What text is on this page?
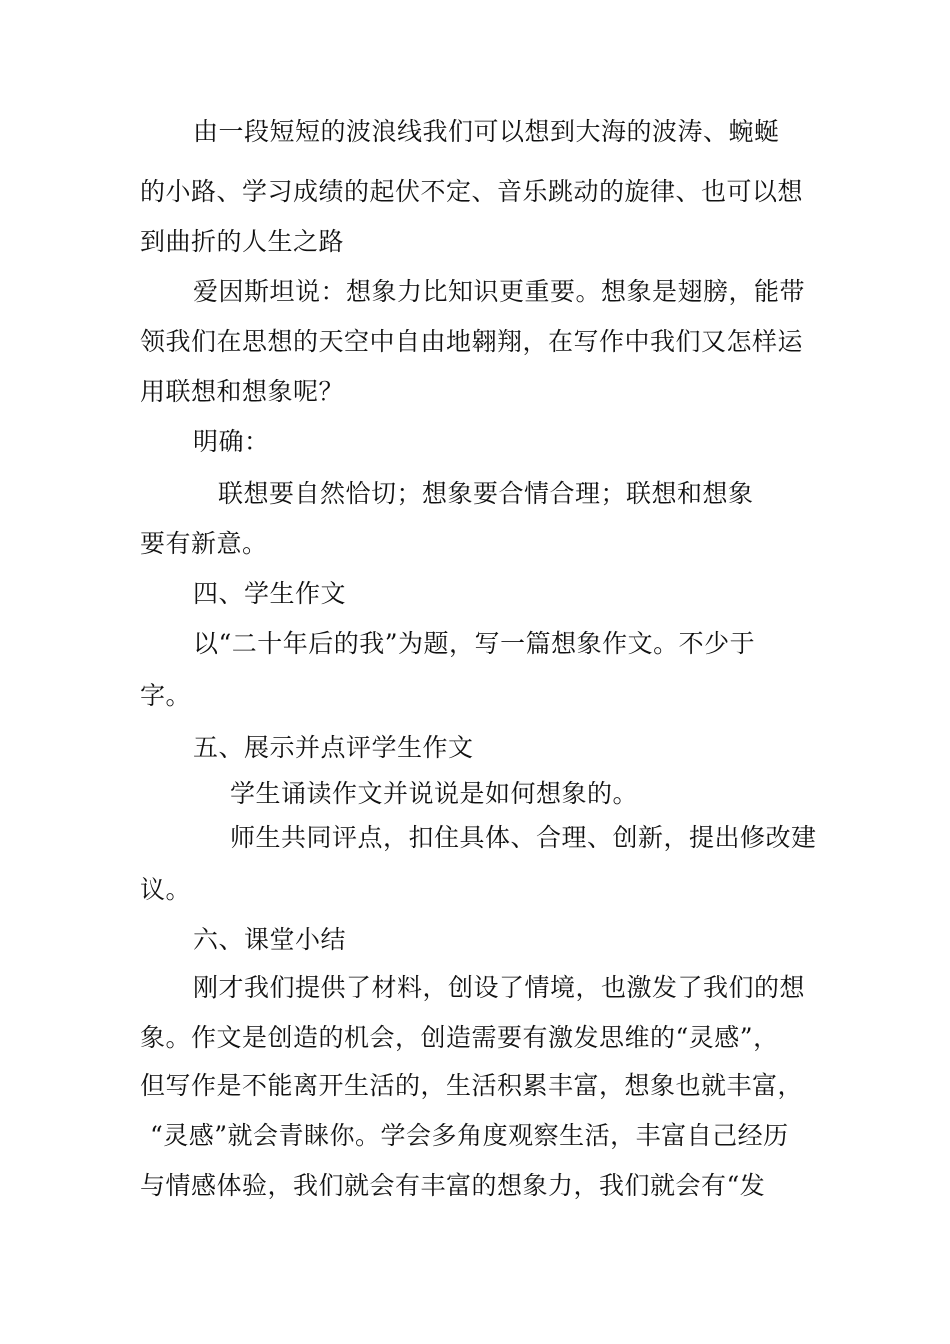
由一段短短的波浪线我们可以想到大海的波涛、蜿蜒

的小路、学习成绩的起伏不定、音乐跳动的旋律、也可以想

到曲折的人生之路

爱因斯坦说：想象力比知识更重要。想象是翅膀，能带

领我们在思想的天空中自由地翱翔，在写作中我们又怎样运

用联想和想象呢？

明确：

联想要自然恰切；想象要合情合理；联想和想象

要有新意。

四、学生作文

以“二十年后的我”为题，写一篇想象作文。不少于

字。

五、展示并点评学生作文

学生诵读作文并说说是如何想象的。

师生共同评点，扣住具体、合理、创新，提出修改建

议。

六、课堂小结

刚才我们提供了材料，创设了情境，也激发了我们的想

象。作文是创造的机会，创造需要有激发思维的“灵感”，

但写作是不能离开生活的，生活积累丰富，想象也就丰富，

“灵感”就会青睐你。学会多角度观察生活，丰富自己经历

与情感体验，我们就会有丰富的想象力，我们就会有“发
